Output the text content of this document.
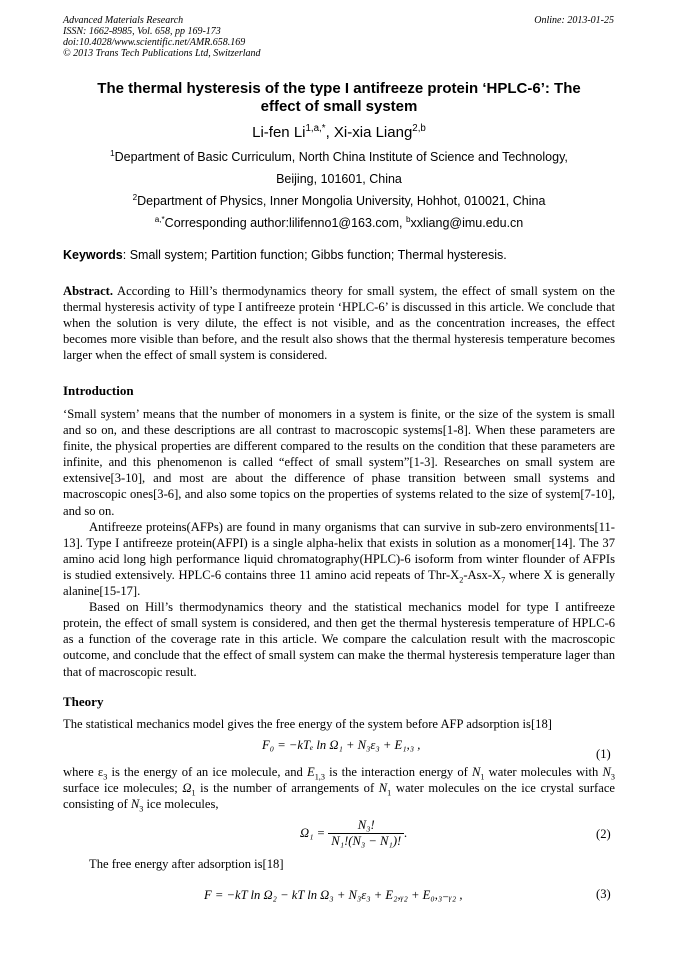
Advanced Materials Research
ISSN: 1662-8985, Vol. 658, pp 169-173
doi:10.4028/www.scientific.net/AMR.658.169
© 2013 Trans Tech Publications Ltd, Switzerland
Online: 2013-01-25
The thermal hysteresis of the type I antifreeze protein ‘HPLC-6’: The
effect of small system
Li-fen $Li^{1,a,*}$, Xi-xia Liang$^{2,b}$
$^1$Department of Basic Curriculum, North China Institute of Science and Technology,
Beijing, 101601, China
$^2$Department of Physics, Inner Mongolia University, Hohhot, 010021, China
$^{a,*}$Corresponding author:lilifenno1@163.com, $^b$xxliang@imu.edu.cn
Keywords: Small system; Partition function; Gibbs function; Thermal hysteresis.
Abstract. According to Hill’s thermodynamics theory for small system, the effect of small system on the thermal hysteresis activity of type I antifreeze protein ‘HPLC-6’ is discussed in this article. We conclude that when the solution is very dilute, the effect is not visible, and as the concentration increases, the effect becomes more visible than before, and the result also shows that the thermal hysteresis temperature becomes larger when the effect of small system is considered.
Introduction
‘Small system’ means that the number of monomers in a system is finite, or the size of the system is small and so on, and these descriptions are all contrast to macroscopic systems[1-8]. When these parameters are finite, the physical properties are different compared to the results on the condition that these parameters are infinite, and this phenomenon is called “effect of small system”[1-3]. Researches on small system are extensive[3-10], and most are about the difference of phase transition between small systems and macroscopic ones[3-6], and also some topics on the properties of systems related to the size of system[7-10], and so on.
Antifreeze proteins(AFPs) are found in many organisms that can survive in sub-zero environments[11-13]. Type I antifreeze protein(AFPI) is a single alpha-helix that exists in solution as a monomer[14]. The 37 amino acid long high performance liquid chromatography(HPLC)-6 isoform from winter flounder of AFPIs is studied extensively. HPLC-6 contains three 11 amino acid repeats of Thr-$X_2-Asx-X_7$ where X is generally alanine[15-17].
Based on Hill’s thermodynamics theory and the statistical mechanics model for type I antifreeze protein, the effect of small system is considered, and then get the thermal hysteresis temperature of HPLC-6 as a function of the coverage rate in this article. We compare the calculation result with the macroscopic outcome, and conclude that the effect of small system can make the thermal hysteresis temperature lager than that of macroscopic result.
Theory
The statistical mechanics model gives the free energy of the system before AFP adsorption is[18]
F₀ = −kTₑ ln Ω₁ + N₃ε₃ + E₁,₃ ,
(1)
where $\varepsilon_3$ is the energy of an ice molecule, and $E_{1,3}$ is the interaction energy of $N_1$ water molecules with $N_3$ surface ice molecules; $\Omega_1$ is the number of arrangements of $N_1$ water molecules on the ice crystal surface consisting of $N_3$ ice molecules,
$\Omega_1 = \frac{\text{N₃!}}{\text{N₁!(N₃ − N₁)!}}$ .	(2)
The free energy after adsorption is[18]
F = −kT ln Ω₂ − kT ln Ω₃ + N₃ε₃ + E₂,ᵧ₂ + E₀,₃₋ᵧ₂ ,	(3)
